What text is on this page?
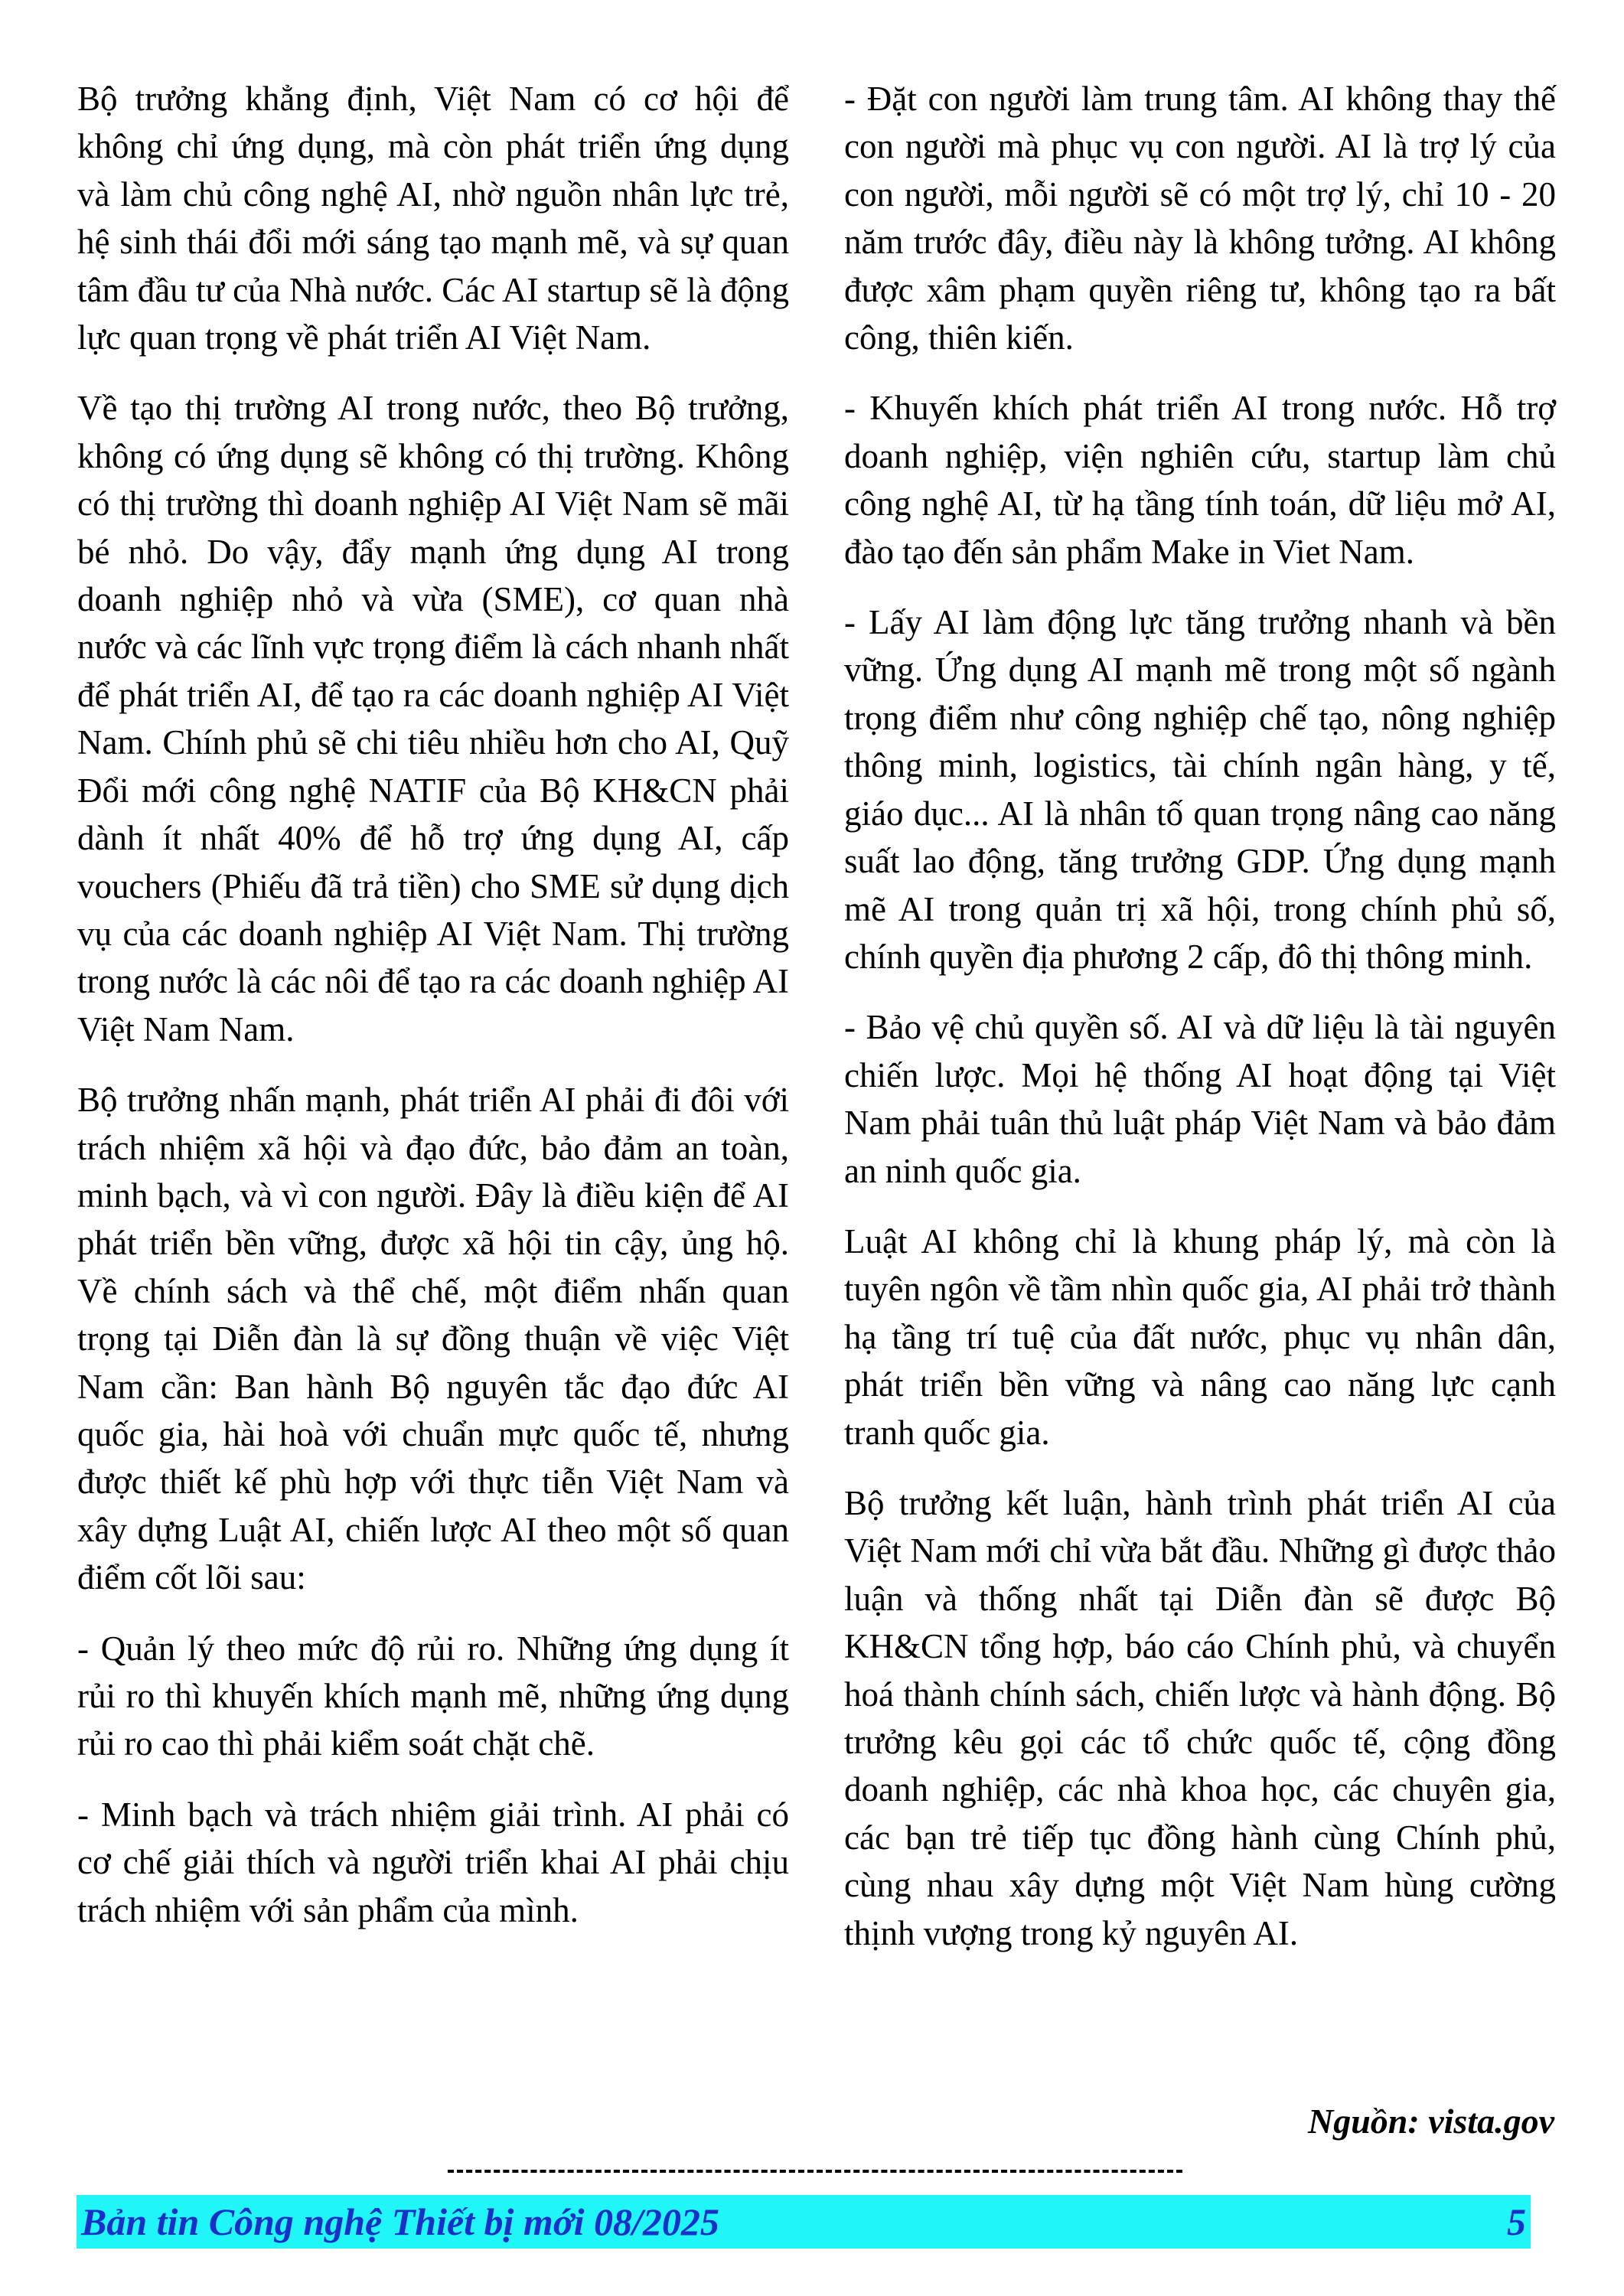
Bộ trưởng khẳng định, Việt Nam có cơ hội để không chỉ ứng dụng, mà còn phát triển ứng dụng và làm chủ công nghệ AI, nhờ nguồn nhân lực trẻ, hệ sinh thái đổi mới sáng tạo mạnh mẽ, và sự quan tâm đầu tư của Nhà nước. Các AI startup sẽ là động lực quan trọng về phát triển AI Việt Nam.

Về tạo thị trường AI trong nước, theo Bộ trưởng, không có ứng dụng sẽ không có thị trường. Không có thị trường thì doanh nghiệp AI Việt Nam sẽ mãi bé nhỏ. Do vậy, đẩy mạnh ứng dụng AI trong doanh nghiệp nhỏ và vừa (SME), cơ quan nhà nước và các lĩnh vực trọng điểm là cách nhanh nhất để phát triển AI, để tạo ra các doanh nghiệp AI Việt Nam. Chính phủ sẽ chi tiêu nhiều hơn cho AI, Quỹ Đổi mới công nghệ NATIF của Bộ KH&CN phải dành ít nhất 40% để hỗ trợ ứng dụng AI, cấp vouchers (Phiếu đã trả tiền) cho SME sử dụng dịch vụ của các doanh nghiệp AI Việt Nam. Thị trường trong nước là các nôi để tạo ra các doanh nghiệp AI Việt Nam Nam.

Bộ trưởng nhấn mạnh, phát triển AI phải đi đôi với trách nhiệm xã hội và đạo đức, bảo đảm an toàn, minh bạch, và vì con người. Đây là điều kiện để AI phát triển bền vững, được xã hội tin cậy, ủng hộ. Về chính sách và thể chế, một điểm nhấn quan trọng tại Diễn đàn là sự đồng thuận về việc Việt Nam cần: Ban hành Bộ nguyên tắc đạo đức AI quốc gia, hài hoà với chuẩn mực quốc tế, nhưng được thiết kế phù hợp với thực tiễn Việt Nam và xây dựng Luật AI, chiến lược AI theo một số quan điểm cốt lõi sau:

- Quản lý theo mức độ rủi ro. Những ứng dụng ít rủi ro thì khuyến khích mạnh mẽ, những ứng dụng rủi ro cao thì phải kiểm soát chặt chẽ.

- Minh bạch và trách nhiệm giải trình. AI phải có cơ chế giải thích và người triển khai AI phải chịu trách nhiệm với sản phẩm của mình.

- Đặt con người làm trung tâm. AI không thay thế con người mà phục vụ con người. AI là trợ lý của con người, mỗi người sẽ có một trợ lý, chỉ 10 - 20 năm trước đây, điều này là không tưởng. AI không được xâm phạm quyền riêng tư, không tạo ra bất công, thiên kiến.

- Khuyến khích phát triển AI trong nước. Hỗ trợ doanh nghiệp, viện nghiên cứu, startup làm chủ công nghệ AI, từ hạ tầng tính toán, dữ liệu mở AI, đào tạo đến sản phẩm Make in Viet Nam.

- Lấy AI làm động lực tăng trưởng nhanh và bền vững. Ứng dụng AI mạnh mẽ trong một số ngành trọng điểm như công nghiệp chế tạo, nông nghiệp thông minh, logistics, tài chính ngân hàng, y tế, giáo dục... AI là nhân tố quan trọng nâng cao năng suất lao động, tăng trưởng GDP. Ứng dụng mạnh mẽ AI trong quản trị xã hội, trong chính phủ số, chính quyền địa phương 2 cấp, đô thị thông minh.

- Bảo vệ chủ quyền số. AI và dữ liệu là tài nguyên chiến lược. Mọi hệ thống AI hoạt động tại Việt Nam phải tuân thủ luật pháp Việt Nam và bảo đảm an ninh quốc gia.

Luật AI không chỉ là khung pháp lý, mà còn là tuyên ngôn về tầm nhìn quốc gia, AI phải trở thành hạ tầng trí tuệ của đất nước, phục vụ nhân dân, phát triển bền vững và nâng cao năng lực cạnh tranh quốc gia.

Bộ trưởng kết luận, hành trình phát triển AI của Việt Nam mới chỉ vừa bắt đầu. Những gì được thảo luận và thống nhất tại Diễn đàn sẽ được Bộ KH&CN tổng hợp, báo cáo Chính phủ, và chuyển hoá thành chính sách, chiến lược và hành động. Bộ trưởng kêu gọi các tổ chức quốc tế, cộng đồng doanh nghiệp, các nhà khoa học, các chuyên gia, các bạn trẻ tiếp tục đồng hành cùng Chính phủ, cùng nhau xây dựng một Việt Nam hùng cường thịnh vượng trong kỷ nguyên AI.

Nguồn: vista.gov
Bản tin Công nghệ Thiết bị mới 08/2025	5
